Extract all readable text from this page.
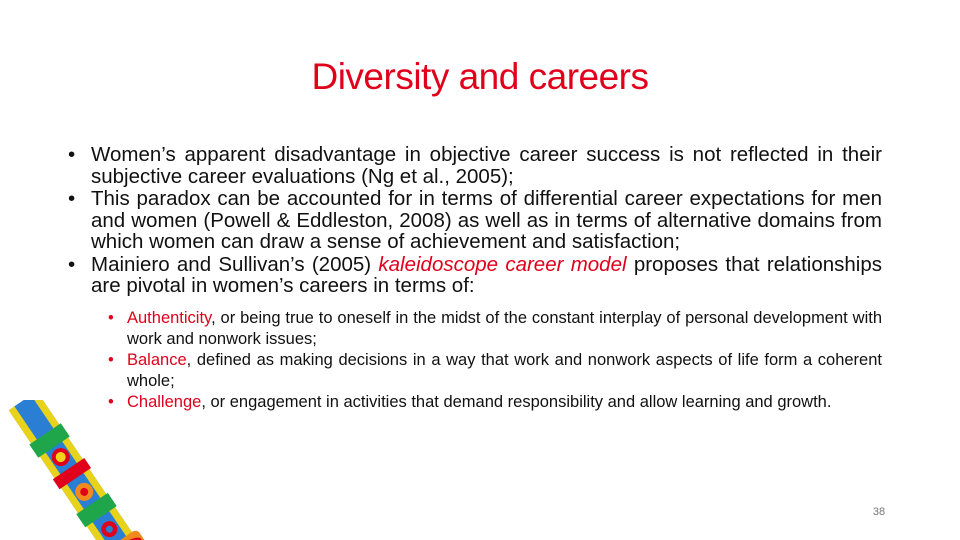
Diversity and careers
• Women’s apparent disadvantage in objective career success is not reflected in their subjective career evaluations (Ng et al., 2005);
• This paradox can be accounted for in terms of differential career expectations for men and women (Powell & Eddleston, 2008) as well as in terms of alternative domains from which women can draw a sense of achievement and satisfaction;
• Mainiero and Sullivan’s (2005) kaleidoscope career model proposes that relationships are pivotal in women’s careers in terms of:
• Authenticity, or being true to oneself in the midst of the constant interplay of personal development with work and nonwork issues;
• Balance, defined as making decisions in a way that work and nonwork aspects of life form a coherent whole;
• Challenge, or engagement in activities that demand responsibility and allow learning and growth.
38
